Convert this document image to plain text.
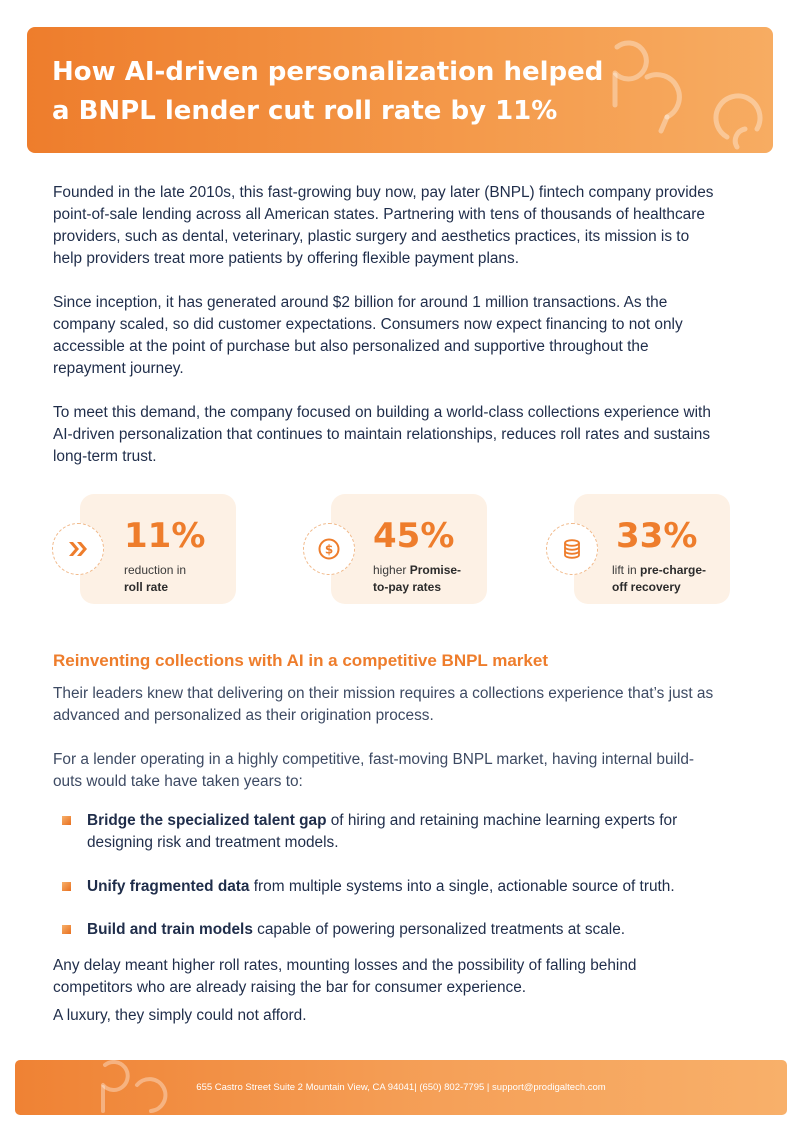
How AI-driven personalization helped
a BNPL lender cut roll rate by 11%

Founded in the late 2010s, this fast-growing buy now, pay later (BNPL) fintech company provides
point-of-sale lending across all American states. Partnering with tens of thousands of healthcare
providers, such as dental, veterinary, plastic surgery and aesthetics practices, its mission is to
help providers treat more patients by offering flexible payment plans.

Since inception, it has generated around $2 billion for around 1 million transactions. As the
company scaled, so did customer expectations. Consumers now expect financing to not only
accessible at the point of purchase but also personalized and supportive throughout the
repayment journey.

To meet this demand, the company focused on building a world-class collections experience with
AI-driven personalization that continues to maintain relationships, reduces roll rates and sustains
long-term trust.

11%
reduction in
roll rate
$ 45%
higher Promise-
to-pay rates
33%
lift in pre-charge-
off recovery
Reinventing collections with AI in a competitive BNPL market

Their leaders knew that delivering on their mission requires a collections experience that’s just as
advanced and personalized as their origination process.

For a lender operating in a highly competitive, fast-moving BNPL market, having internal build-
outs would take have taken years to:

Bridge the specialized talent gap of hiring and retaining machine learning experts for
designing risk and treatment models.

Unify fragmented data from multiple systems into a single, actionable source of truth.

Build and train models capable of powering personalized treatments at scale.

Any delay meant higher roll rates, mounting losses and the possibility of falling behind
competitors who are already raising the bar for consumer experience.

A luxury, they simply could not afford.

655 Castro Street Suite 2 Mountain View, CA 94041| (650) 802-7795 | support@prodigaltech.com
